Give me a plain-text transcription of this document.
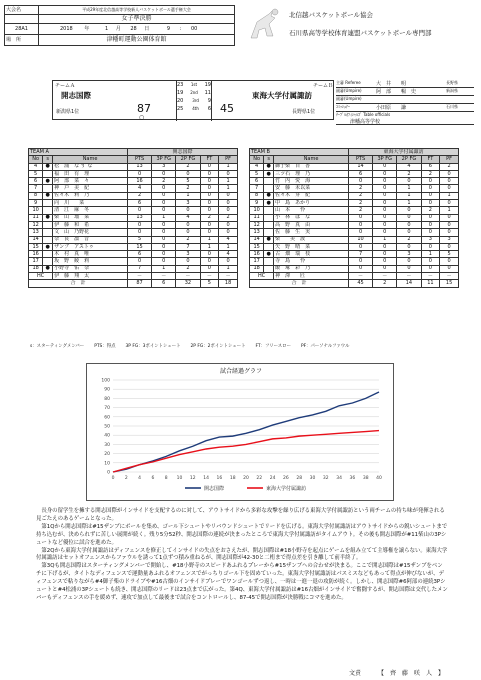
大会名	平成29年度北信越高等学校新人バスケットボール選手権大会
	女子準決勝
28A1	2018 年 1 月 28 日 9 : 00
場　所	津幡町運動公園体育館
北信越バスケットボール協会
石川県高等学校体育連盟バスケットボール専門部
チームＡ
開志国際
新潟県1位	87
○
23 1st 19
19 2nd 11
20 3rd 9
25 4th 6
チームＢ
東海大学付属諏訪
45	長野県1位
主審 Referee	大　井　　明	長野県
副審(Umpire)	阿　部　　暢　史	新潟県
副審(Umpire)
ｺﾐｯｼｮﾅｰ	小田原　　謙	石川県
ﾃｰﾌﾞﾙｵﾌｨｼｬﾙｽﾞ Table officials
津幡高等学校
TEAM A			開志国際				
No	s	Name	PTS	3P FG	2P FG	FT	PF
4	●	松　浦　な ず な	13	3	2	0	1
5		福　田　有　理	0	0	0	0	0
6	●	阿　部　菜　々	16	2	5	0	1
7		神　戸　美　紀	4	0	2	0	1
8	●	佐々木　莉　乃	2	0	1	0	0
9		向　川　　菜	6	0	3	0	0
10		清　江　麻　冬	0	0	0	0	0
11	●	柴　山　瑠　菜	13	1	4	2	2
12		伊　藤　和　希	0	0	0	0	0
13		文　山　乃野花	0	0	0	0	0
14		奈　良　凛　音	5	0	2	1	4
15	●	ザンブ　アストゥ	15	0	7	1	1
16		木　村　真　唯	6	0	3	0	4
17		坂　野　綾　莉	0	0	0	0	0
18	●	小野寺　佑　奈	7	1	2	0	1
HC		伊　藤　翔　太	－	－	－	－	－
合　計			87	6	32	5	18
TEAM B			東海大学付属諏訪				
No	s	Name	PTS	3P FG	2P FG	FT	PF
4	●	御子柴　百　香	14	0	4	6	2
5	●	三ツ石　理　乃	6	0	2	2	0
6		竹　内　愛　海	0	0	0	0	0
7		安　藤　未以菜	2	0	1	0	0
8	●	佐々木　芽　紀	2	0	1	0	1
9	●	中　島　あかり	2	0	1	0	0
10		山　本　　怜	2	0	0	2	1
11		小　林　は　な	0	0	0	0	0
12		高　野　真　由	0	0	0	0	0
13		佐　藤　生　実	0	0	0	0	0
14	●	柴　　美　波	10	1	2	3	3
15		矢　野　晴　菜	0	0	0	0	0
16	●	古　畑　瑞　枝	7	0	3	1	5
17		寺　島　　怜	0	0	0	0	0
18		飯　塚　彩　乃	0	0	0	0	0
HC		神　澤　　匠	－	－	－	－	－
合　計			45	2	14	11	15
s：スターティングメンバー PTS：得点 3P FG：3ポイントシュート 2P FG：2ポイントシュート FT：フリースロー PF：パーソナルファウル
試合経過グラフ
0
10
20
30
40
50
60
70
80
90
100
0 2 4 6 8 10 12 14 16 18 20 22 24 26 28 30 32 34 36 38 40
開志国際	東海大学付属諏訪

　長身の留学生を擁する開志国際がインサイドを支配するのに対して、アウトサイドから多彩な攻撃を繰り広げる東海大学付属諏訪という両チームの持ち味が発揮される見ごたえのあるゲームとなった。

　第1Qから開志国際は#15ザンブにボールを集め、ゴール下シュートやリバウンドシュートでリードを広げる。東海大学付属諏訪はアウトサイドからの鋭いシュートまで持ち込むが、決められずに苦しい展開が続く。残り5分52秒、開志国際の連続が決まったところで東海大学付属諏訪がタイムアウト。その後も開志国際が#11柴山の3Pシュートなど優位に試合を進めた。

　第2Qから東海大学付属諏訪はディフェンスを修正してインサイドの失点をおさえたが、開志国際は#18小野寺を起点にゲームを組み立てて主導権を譲らない。東海大学付属諏訪はセットオフェンスからファウルを誘って1点ずつ積み重ねるが、開志国際が42-30と二桁まで得点差を引き離して前半終了。

　第3Qも開志国際はスターティングメンバーで開始し、#18小野寺のスピードあふれるプレーから#15ザンブへの合わせが決まる。ここで開志国際は#15ザンブをベンチに下げるが、タイトなディフェンスで運動量あふれるオフェンスでがっちりゴール下を固めていった。東海大学付属諏訪はパスミスなどもあって得点が伸びないが、ディフェンスで粘りながら#4御子柴のドライブや#16古畑のインサイドプレーでワンゴールずつ返し、一時は一進一退の攻防が続く。しかし、開志国際#6阿部の連続3Pシュートと#4松浦の3Pシュートも続き、開志国際のリードは23点まで広がった。第4Q、東海大学付属諏訪は#16古畑がインサイドで奮闘するが、開志国際は交代したメンバーもディフェンスの手を緩めず、速攻で加点して最後まで試合をコントロールし、87-45で開志国際が決勝戦にコマを進めた。

文責	【　齊　藤　咲　人　】
